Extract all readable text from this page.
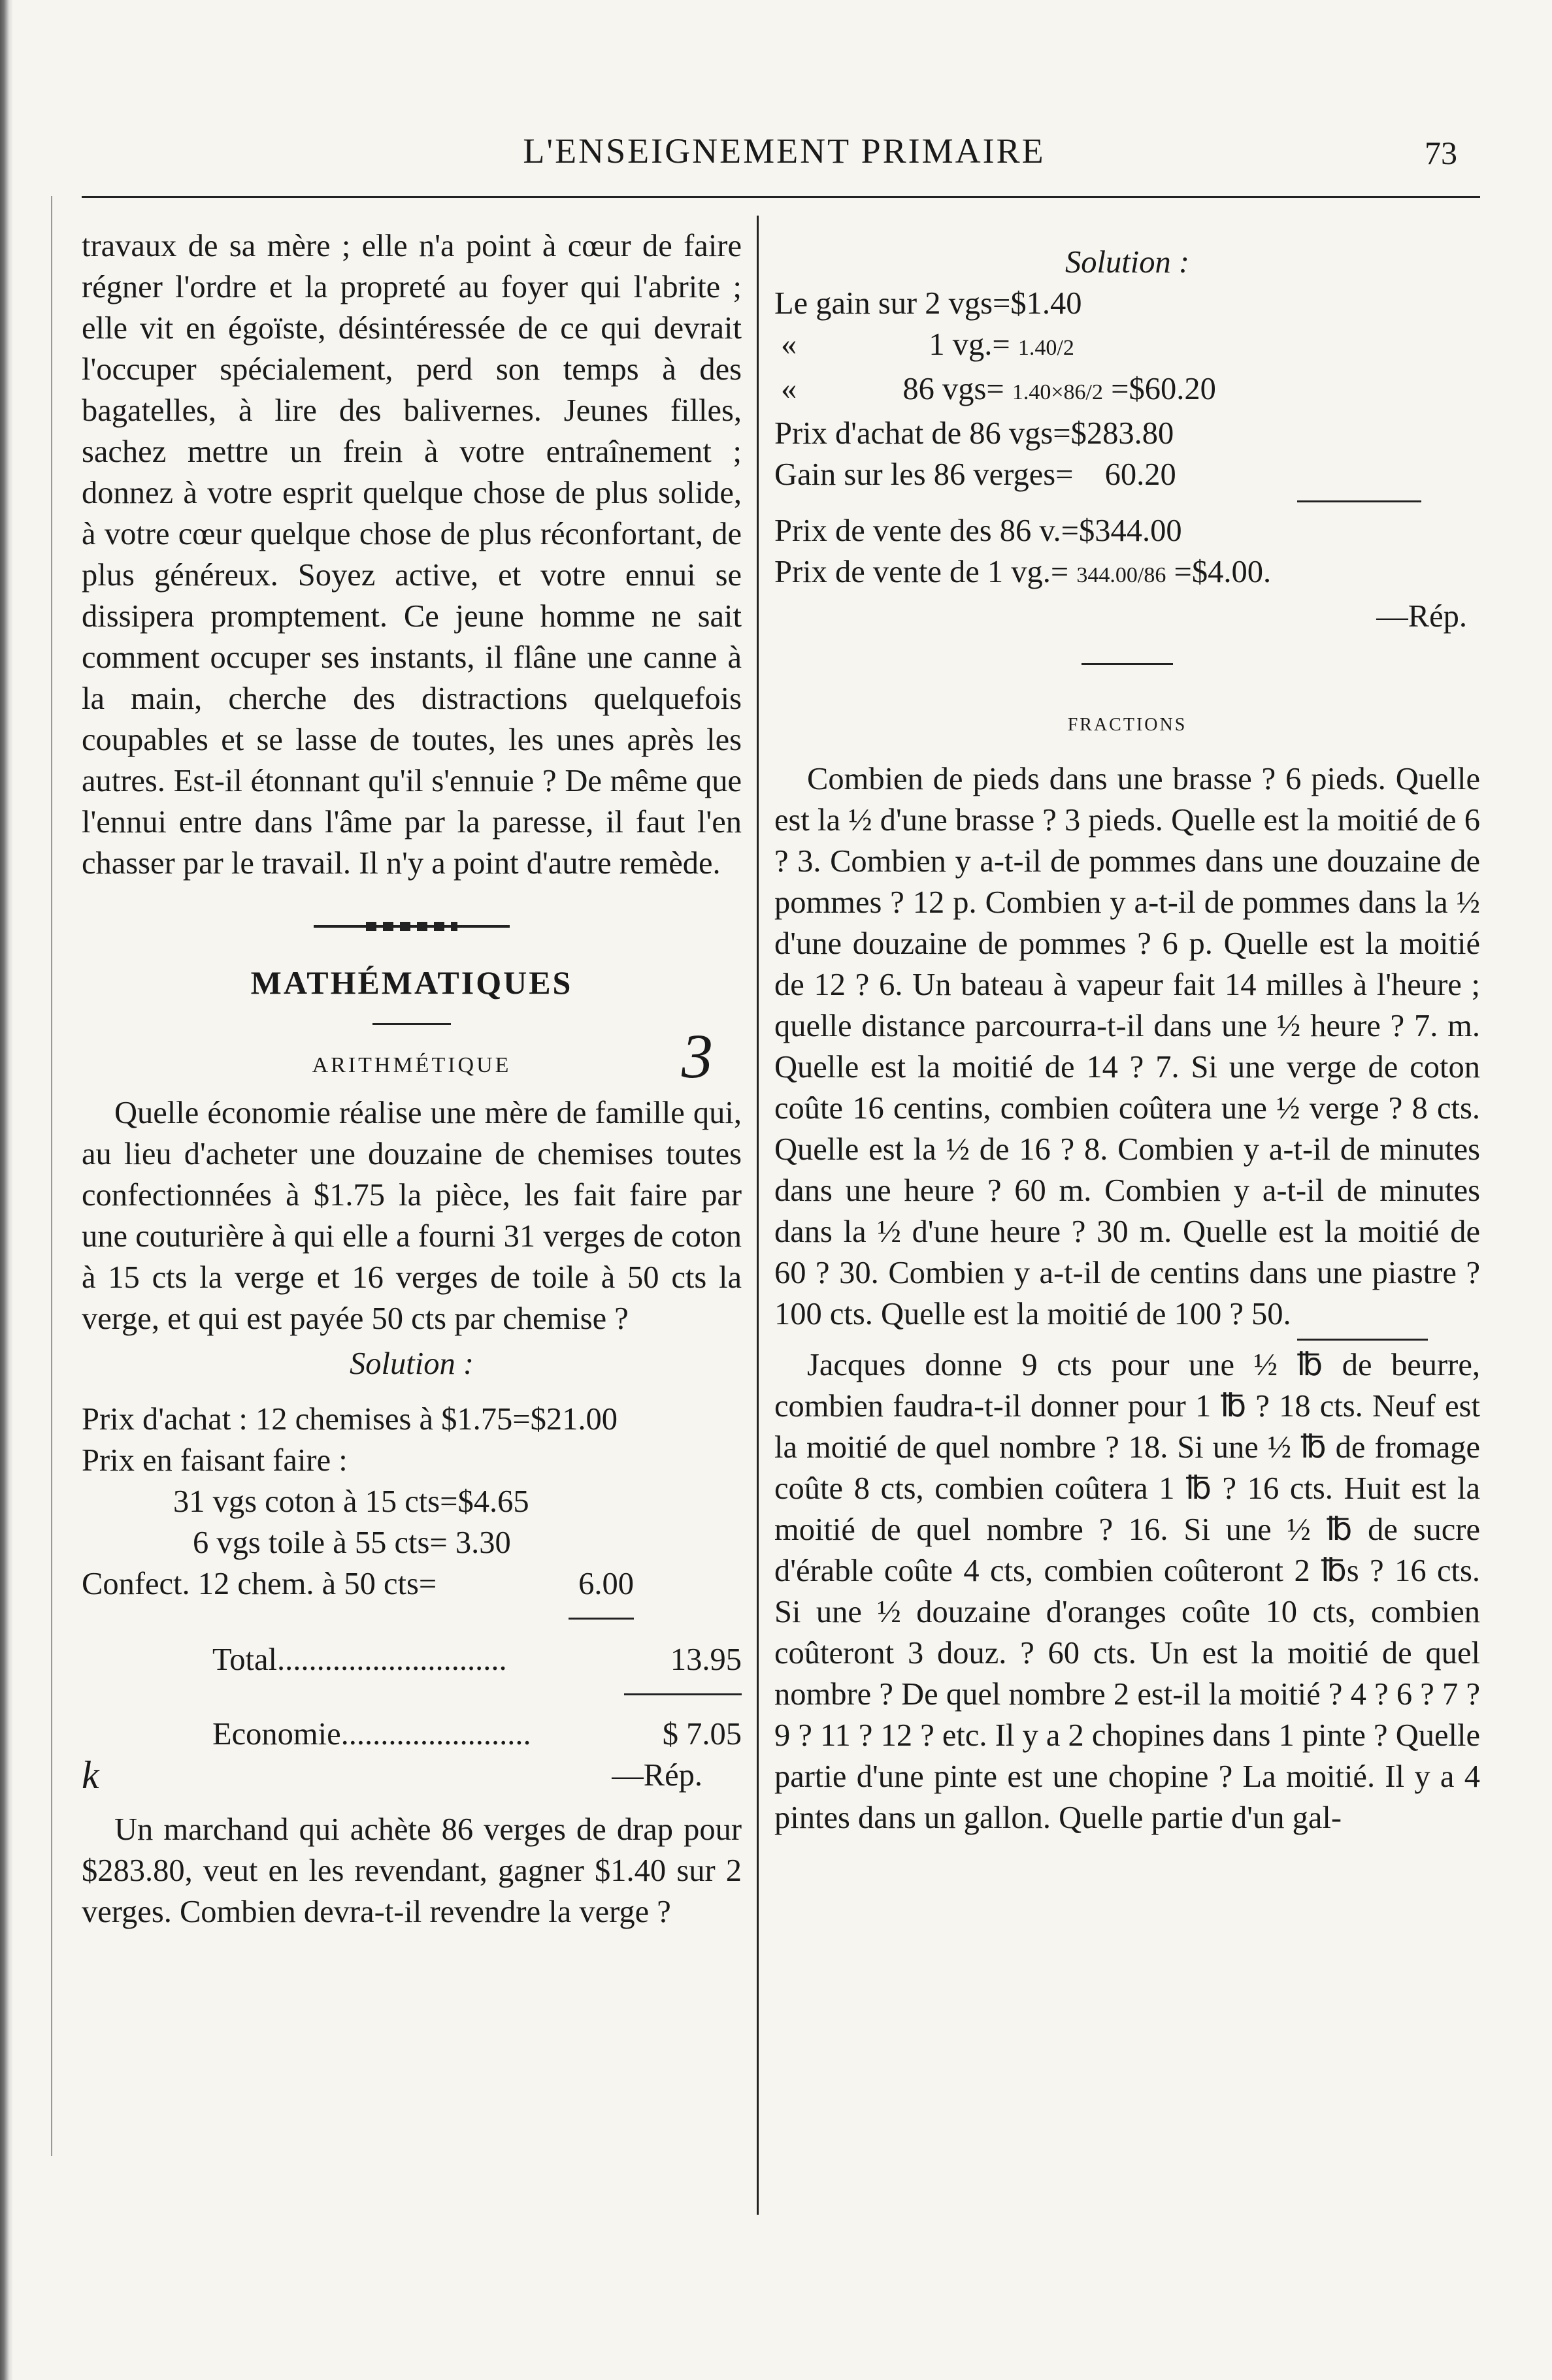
L'ENSEIGNEMENT PRIMAIRE	73

travaux de sa mère ; elle n'a point à cœur de faire régner l'ordre et la propreté au foyer qui l'abrite ; elle vit en égoïste, désintéressée de ce qui devrait l'occuper spécialement, perd son temps à des bagatelles, à lire des balivernes. Jeunes filles, sachez mettre un frein à votre entraînement ; donnez à votre esprit quelque chose de plus solide, à votre cœur quelque chose de plus réconfortant, de plus généreux. Soyez active, et votre ennui se dissipera promptement. Ce jeune homme ne sait comment occuper ses instants, il flâne une canne à la main, cherche des distractions quelquefois coupables et se lasse de toutes, les unes après les autres. Est-il étonnant qu'il s'ennuie ? De même que l'ennui entre dans l'âme par la paresse, il faut l'en chasser par le travail. Il n'y a point d'autre remède.

MATHÉMATIQUES
ARITHMÉTIQUE	3

Quelle économie réalise une mère de famille qui, au lieu d'acheter une douzaine de chemises toutes confectionnées à $1.75 la pièce, les fait faire par une couturière à qui elle a fourni 31 verges de coton à 15 cts la verge et 16 verges de toile à 50 cts la verge, et qui est payée 50 cts par chemise ?

Solution :
Prix d'achat : 12 chemises à $1.75=$21.00
Prix en faisant faire :
31 vgs coton à 15 cts=$4.65
6 vgs toile à 55 cts= 3.30
Confect. 12 chem. à 50 cts=	6.00
Total.............................	13.95
Economie........................	$ 7.05
k	—Rép.

Un marchand qui achète 86 verges de drap pour $283.80, veut en les revendant, gagner $1.40 sur 2 verges. Combien devra-t-il revendre la verge ?

Solution :
Le gain sur 2 vgs=$1.40
«	1 vg.= 1.40/2
«	86 vgs= 1.40×86/2 =$60.20
Prix d'achat de 86 vgs=$283.80
Gain sur les 86 verges= 60.20
Prix de vente des 86 v.=$344.00
Prix de vente de 1 vg.= 344.00/86 =$4.00.
—Rép.
FRACTIONS

Combien de pieds dans une brasse ? 6 pieds. Quelle est la ½ d'une brasse ? 3 pieds. Quelle est la moitié de 6 ? 3. Combien y a-t-il de pommes dans une douzaine de pommes ? 12 p. Combien y a-t-il de pommes dans la ½ d'une douzaine de pommes ? 6 p. Quelle est la moitié de 12 ? 6. Un bateau à vapeur fait 14 milles à l'heure ; quelle distance parcourra-t-il dans une ½ heure ? 7. m. Quelle est la moitié de 14 ? 7. Si une verge de coton coûte 16 centins, combien coûtera une ½ verge ? 8 cts. Quelle est la ½ de 16 ? 8. Combien y a-t-il de minutes dans une heure ? 60 m. Combien y a-t-il de minutes dans la ½ d'une heure ? 30 m. Quelle est la moitié de 60 ? 30. Combien y a-t-il de centins dans une piastre ? 100 cts. Quelle est la moitié de 100 ? 50.

Jacques donne 9 cts pour une ½ ℔ de beurre, combien faudra-t-il donner pour 1 ℔ ? 18 cts. Neuf est la moitié de quel nombre ? 18. Si une ½ ℔ de fromage coûte 8 cts, combien coûtera 1 ℔ ? 16 cts. Huit est la moitié de quel nombre ? 16. Si une ½ ℔ de sucre d'érable coûte 4 cts, combien coûteront 2 ℔s ? 16 cts. Si une ½ douzaine d'oranges coûte 10 cts, combien coûteront 3 douz. ? 60 cts. Un est la moitié de quel nombre ? De quel nombre 2 est-il la moitié ? 4 ? 6 ? 7 ? 9 ? 11 ? 12 ? etc. Il y a 2 chopines dans 1 pinte ? Quelle partie d'une pinte est une chopine ? La moitié. Il y a 4 pintes dans un gallon. Quelle partie d'un gal-
